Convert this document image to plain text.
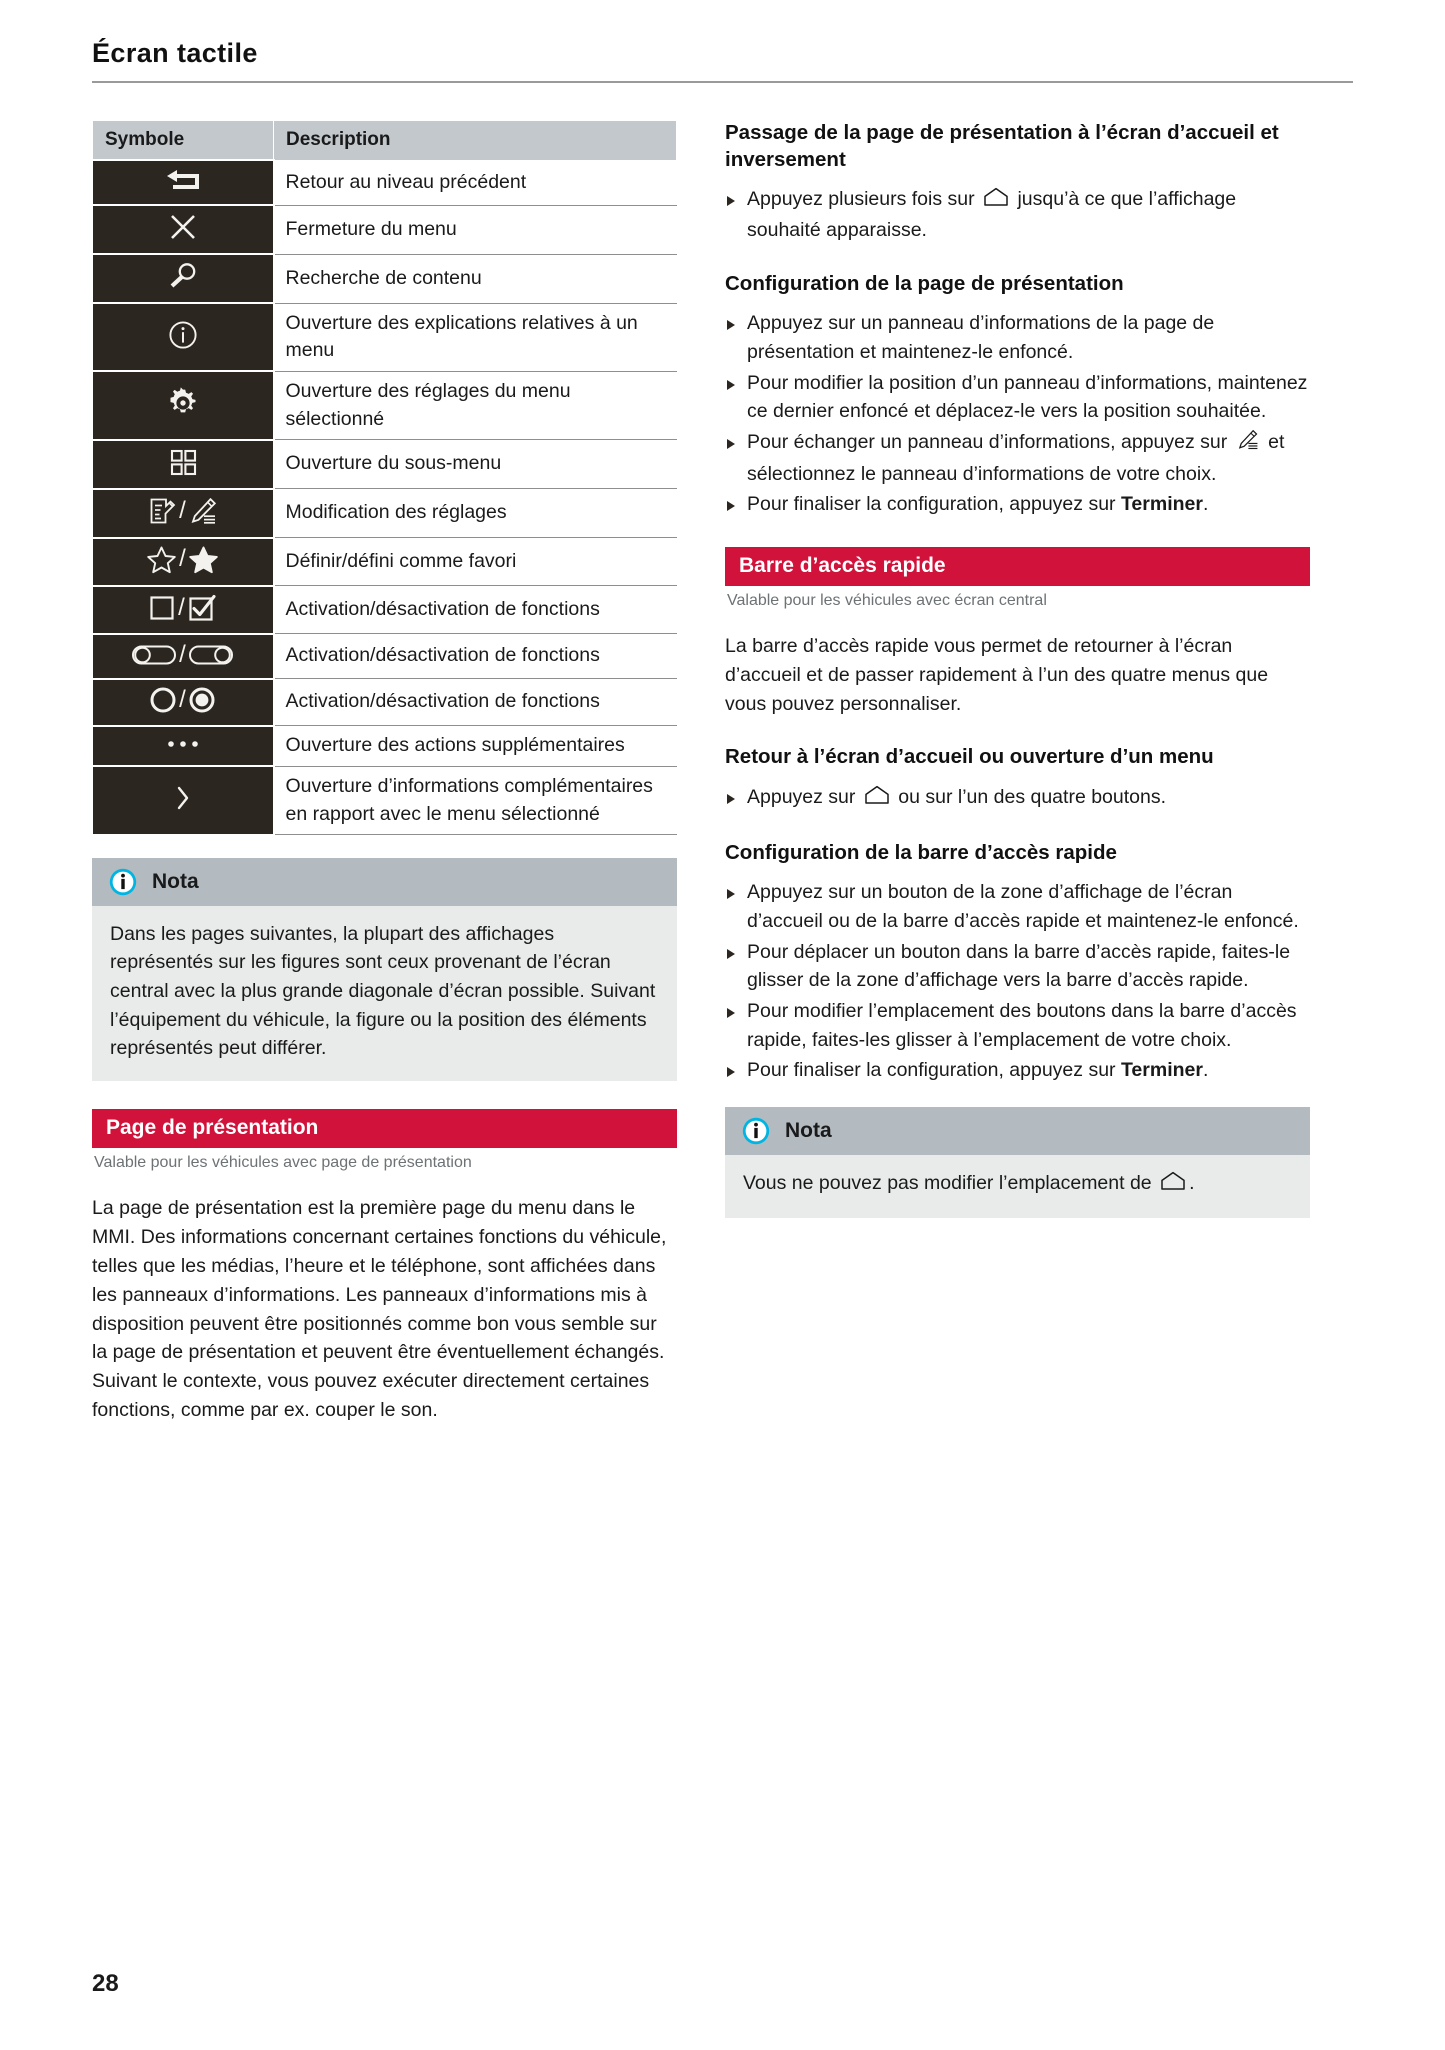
Écran tactile
Symbole	Description

	Retour au niveau précédent

	Fermeture du menu

	Recherche de contenu

	Ouverture des explications relatives à un menu

	Ouverture des réglages du menu sélectionné

	Ouverture du sous-menu

/	Modification des réglages

/	Définir/défini comme favori

/	Activation/désactivation de fonctions

/	Activation/désactivation de fonctions

/	Activation/désactivation de fonctions

	Ouverture des actions supplémentaires

	Ouverture d’informations complémentaires en rapport avec le menu sélectionné
Nota
Dans les pages suivantes, la plupart des affichages représentés sur les figures sont ceux provenant de l’écran central avec la plus grande diagonale d’écran possible. Suivant l’équipement du véhicule, la figure ou la position des éléments représentés peut différer.
Page de présentation
Valable pour les véhicules avec page de présentation

La page de présentation est la première page du menu dans le MMI. Des informations concernant certaines fonctions du véhicule, telles que les médias, l’heure et le téléphone, sont affichées dans les panneaux d’informations. Les panneaux d’informations mis à disposition peuvent être positionnés comme bon vous semble sur la page de présentation et peuvent être éventuellement échangés. Suivant le contexte, vous pouvez exécuter directement certaines fonctions, comme par ex. couper le son.

Passage de la page de présentation à l’écran d’accueil et inversement
Appuyez plusieurs fois sur jusqu’à ce que l’affichage souhaité apparaisse.
Configuration de la page de présentation
Appuyez sur un panneau d’informations de la page de présentation et maintenez-le enfoncé.
Pour modifier la position d’un panneau d’informations, maintenez ce dernier enfoncé et déplacez-le vers la position souhaitée.
Pour échanger un panneau d’informations, appuyez sur et sélectionnez le panneau d’informations de votre choix.
Pour finaliser la configuration, appuyez sur Terminer.
Barre d’accès rapide
Valable pour les véhicules avec écran central

La barre d’accès rapide vous permet de retourner à l’écran d’accueil et de passer rapidement à l’un des quatre menus que vous pouvez personnaliser.

Retour à l’écran d’accueil ou ouverture d’un menu
Appuyez sur ou sur l’un des quatre boutons.
Configuration de la barre d’accès rapide
Appuyez sur un bouton de la zone d’affichage de l’écran d’accueil ou de la barre d’accès rapide et maintenez-le enfoncé.
Pour déplacer un bouton dans la barre d’accès rapide, faites-le glisser de la zone d’affichage vers la barre d’accès rapide.
Pour modifier l’emplacement des boutons dans la barre d’accès rapide, faites-les glisser à l’emplacement de votre choix.
Pour finaliser la configuration, appuyez sur Terminer.
Nota
Vous ne pouvez pas modifier l’emplacement de .
28
